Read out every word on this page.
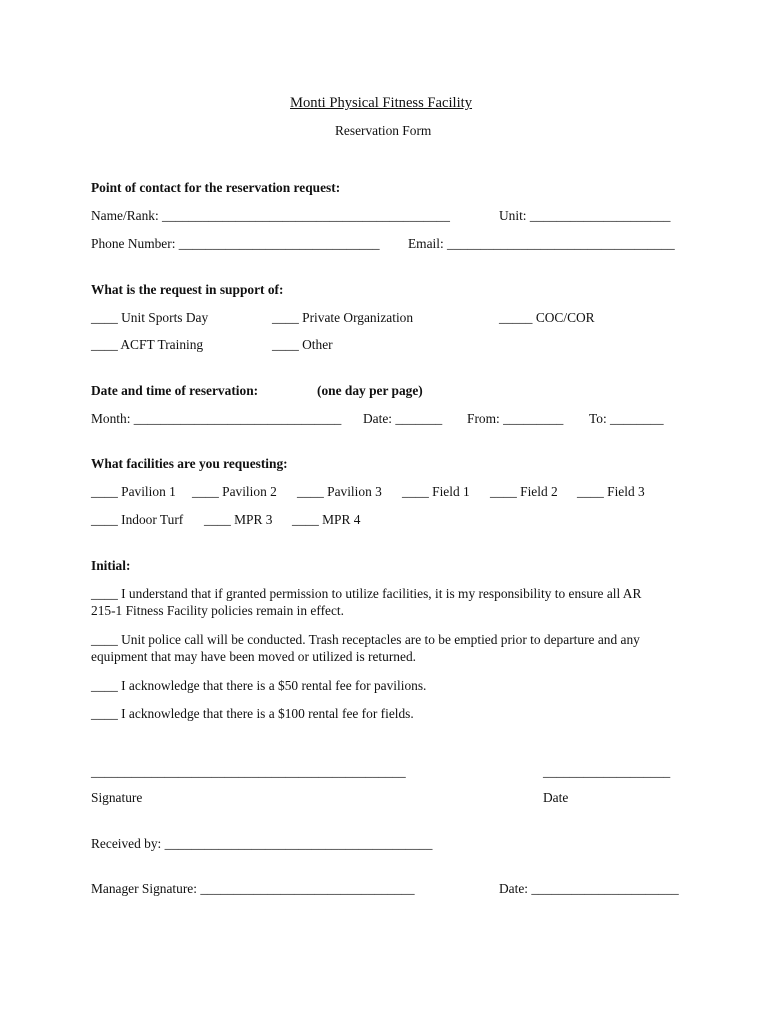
Monti Physical Fitness Facility
Reservation Form
Point of contact for the reservation request:
Name/Rank: ___________________________________________	Unit: _____________________
Phone Number: ______________________________ Email: __________________________________
What is the request in support of:
____ Unit Sports Day	____ Private Organization	_____ COC/COR
____ ACFT Training	____ Other
Date and time of reservation:	(one day per page)
Month: _______________________________ Date: _______ From: _________ To: ________
What facilities are you requesting:
____ Pavilion 1 ____ Pavilion 2 ____ Pavilion 3 ____ Field 1 ____ Field 2 ____ Field 3
____ Indoor Turf ____ MPR 3 ____ MPR 4
Initial:
____ I understand that if granted permission to utilize facilities, it is my responsibility to ensure all AR
215-1 Fitness Facility policies remain in effect.
____ Unit police call will be conducted. Trash receptacles are to be emptied prior to departure and any
equipment that may have been moved or utilized is returned.
____ I acknowledge that there is a $50 rental fee for pavilions.
____ I acknowledge that there is a $100 rental fee for fields.
_______________________________________________	___________________
Signature	Date
Received by: ________________________________________
Manager Signature: ________________________________	Date: ______________________
